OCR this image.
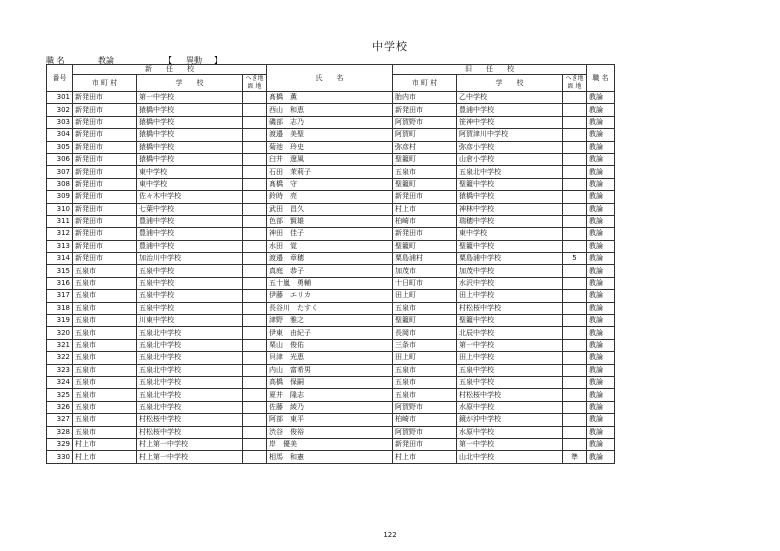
中学校
職 名	教論	【 異動 】
番号	新　　任　　校			氏　　名	旧　　任　　校			職 名
	市 町 村	学　　校	へき地
級 地		市 町 村	学　　校	へき地
級 地	
301	新発田市	第一中学校		髙橋　薫	胎内市	乙中学校		教論
302	新発田市	猿橋中学校		西山　和恵	新発田市	豊浦中学校		教論
303	新発田市	猿橋中学校		磯部　志乃	阿賀野市	笹神中学校		教論
304	新発田市	猿橋中学校		渡邉　美聖	阿賀町	阿賀津川中学校		教論
305	新発田市	猿橋中学校		菊池　玲史	弥彦村	弥彦小学校		教論
306	新発田市	猿橋中学校		臼井　遼風	聖籠町	山倉小学校		教論
307	新発田市	東中学校		石田　茉莉子	五泉市	五泉北中学校		教論
308	新発田市	東中学校		髙橋　守	聖籠町	聖籠中学校		教論
309	新発田市	佐々木中学校		鈴時　亮	新発田市	猿橋中学校		教論
310	新発田市	七葉中学校		武田　昌久	村上市	神林中学校		教論
311	新発田市	豊浦中学校		色部　賢雄	柏崎市	瑞穂中学校		教論
312	新発田市	豊浦中学校		神田　佳子	新発田市	東中学校		教論
313	新発田市	豊浦中学校		水田　覚	聖籠町	聖籠中学校		教論
314	新発田市	加治川中学校		渡邉　章穂	粟島浦村	粟島浦中学校	5	教論
315	五泉市	五泉中学校		真庭　恭子	加茂市	加茂中学校		教論
316	五泉市	五泉中学校		五十嵐　勇輔	十日町市	水沢中学校		教論
317	五泉市	五泉中学校		伊藤　エリカ	田上町	田上中学校		教論
318	五泉市	五泉中学校		長谷川　たすく	五泉市	村松桜中学校		教論
319	五泉市	川東中学校		津野　雅之	聖籠町	聖籠中学校		教論
320	五泉市	五泉北中学校		伊東　由紀子	長岡市	北辰中学校		教論
321	五泉市	五泉北中学校		栗山　俊佑	三条市	第一中学校		教論
322	五泉市	五泉北中学校		貝津　光恵	田上町	田上中学校		教論
323	五泉市	五泉北中学校		内山　富希男	五泉市	五泉中学校		教論
324	五泉市	五泉北中学校		高橋　保嗣	五泉市	五泉中学校		教論
325	五泉市	五泉北中学校		夏井　隆志	五泉市	村松桜中学校		教論
326	五泉市	五泉北中学校		佐藤　綾乃	阿賀野市	水原中学校		教論
327	五泉市	村松桜中学校		阿部　東平	柏崎市	鏡が沖中学校		教論
328	五泉市	村松桜中学校		渋谷　俊裕	阿賀野市	水原中学校		教論
329	村上市	村上第一中学校		岸　優美	新発田市	第一中学校		教論
330	村上市	村上第一中学校		相馬　和憲	村上市	山北中学校	準	教論
122
